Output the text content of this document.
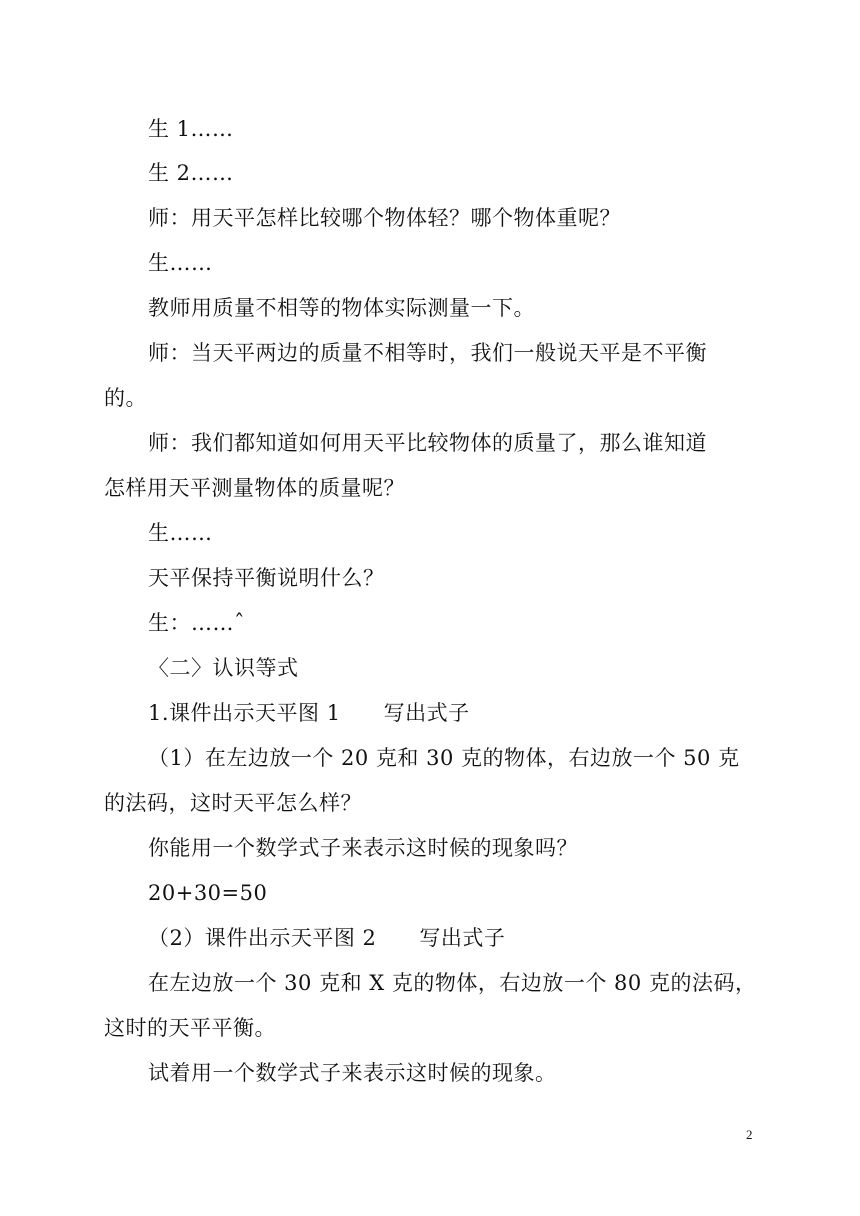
生 1……
生 2……
师：用天平怎样比较哪个物体轻？哪个物体重呢？
生……
教师用质量不相等的物体实际测量一下。
师：当天平两边的质量不相等时，我们一般说天平是不平衡
的。
师：我们都知道如何用天平比较物体的质量了，那么谁知道
怎样用天平测量物体的质量呢？
生……
天平保持平衡说明什么？
生：……ˆ
〈二〉认识等式
1.课件出示天平图 1　　写出式子
（1）在左边放一个 20 克和 30 克的物体，右边放一个 50 克
的法码，这时天平怎么样？
你能用一个数学式子来表示这时候的现象吗？
20+30=50
（2）课件出示天平图 2　　写出式子
在左边放一个 30 克和 X 克的物体，右边放一个 80 克的法码，
这时的天平平衡。
试着用一个数学式子来表示这时候的现象。
2
